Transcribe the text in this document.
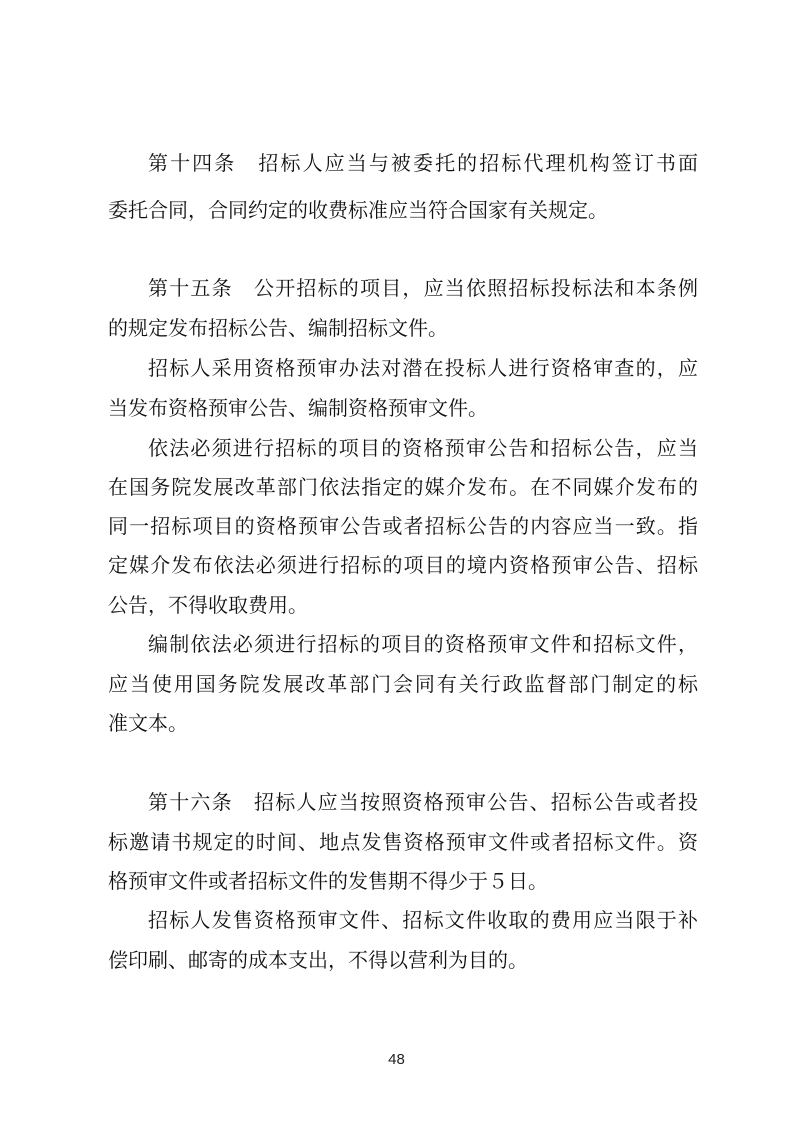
第十四条　招标人应当与被委托的招标代理机构签订书面
委托合同，合同约定的收费标准应当符合国家有关规定。
第十五条　公开招标的项目，应当依照招标投标法和本条例
的规定发布招标公告、编制招标文件。
招标人采用资格预审办法对潜在投标人进行资格审查的，应
当发布资格预审公告、编制资格预审文件。
依法必须进行招标的项目的资格预审公告和招标公告，应当
在国务院发展改革部门依法指定的媒介发布。在不同媒介发布的
同一招标项目的资格预审公告或者招标公告的内容应当一致。指
定媒介发布依法必须进行招标的项目的境内资格预审公告、招标
公告，不得收取费用。
编制依法必须进行招标的项目的资格预审文件和招标文件，
应当使用国务院发展改革部门会同有关行政监督部门制定的标
准文本。
第十六条　招标人应当按照资格预审公告、招标公告或者投
标邀请书规定的时间、地点发售资格预审文件或者招标文件。资
格预审文件或者招标文件的发售期不得少于５日。
招标人发售资格预审文件、招标文件收取的费用应当限于补
偿印刷、邮寄的成本支出，不得以营利为目的。
48
